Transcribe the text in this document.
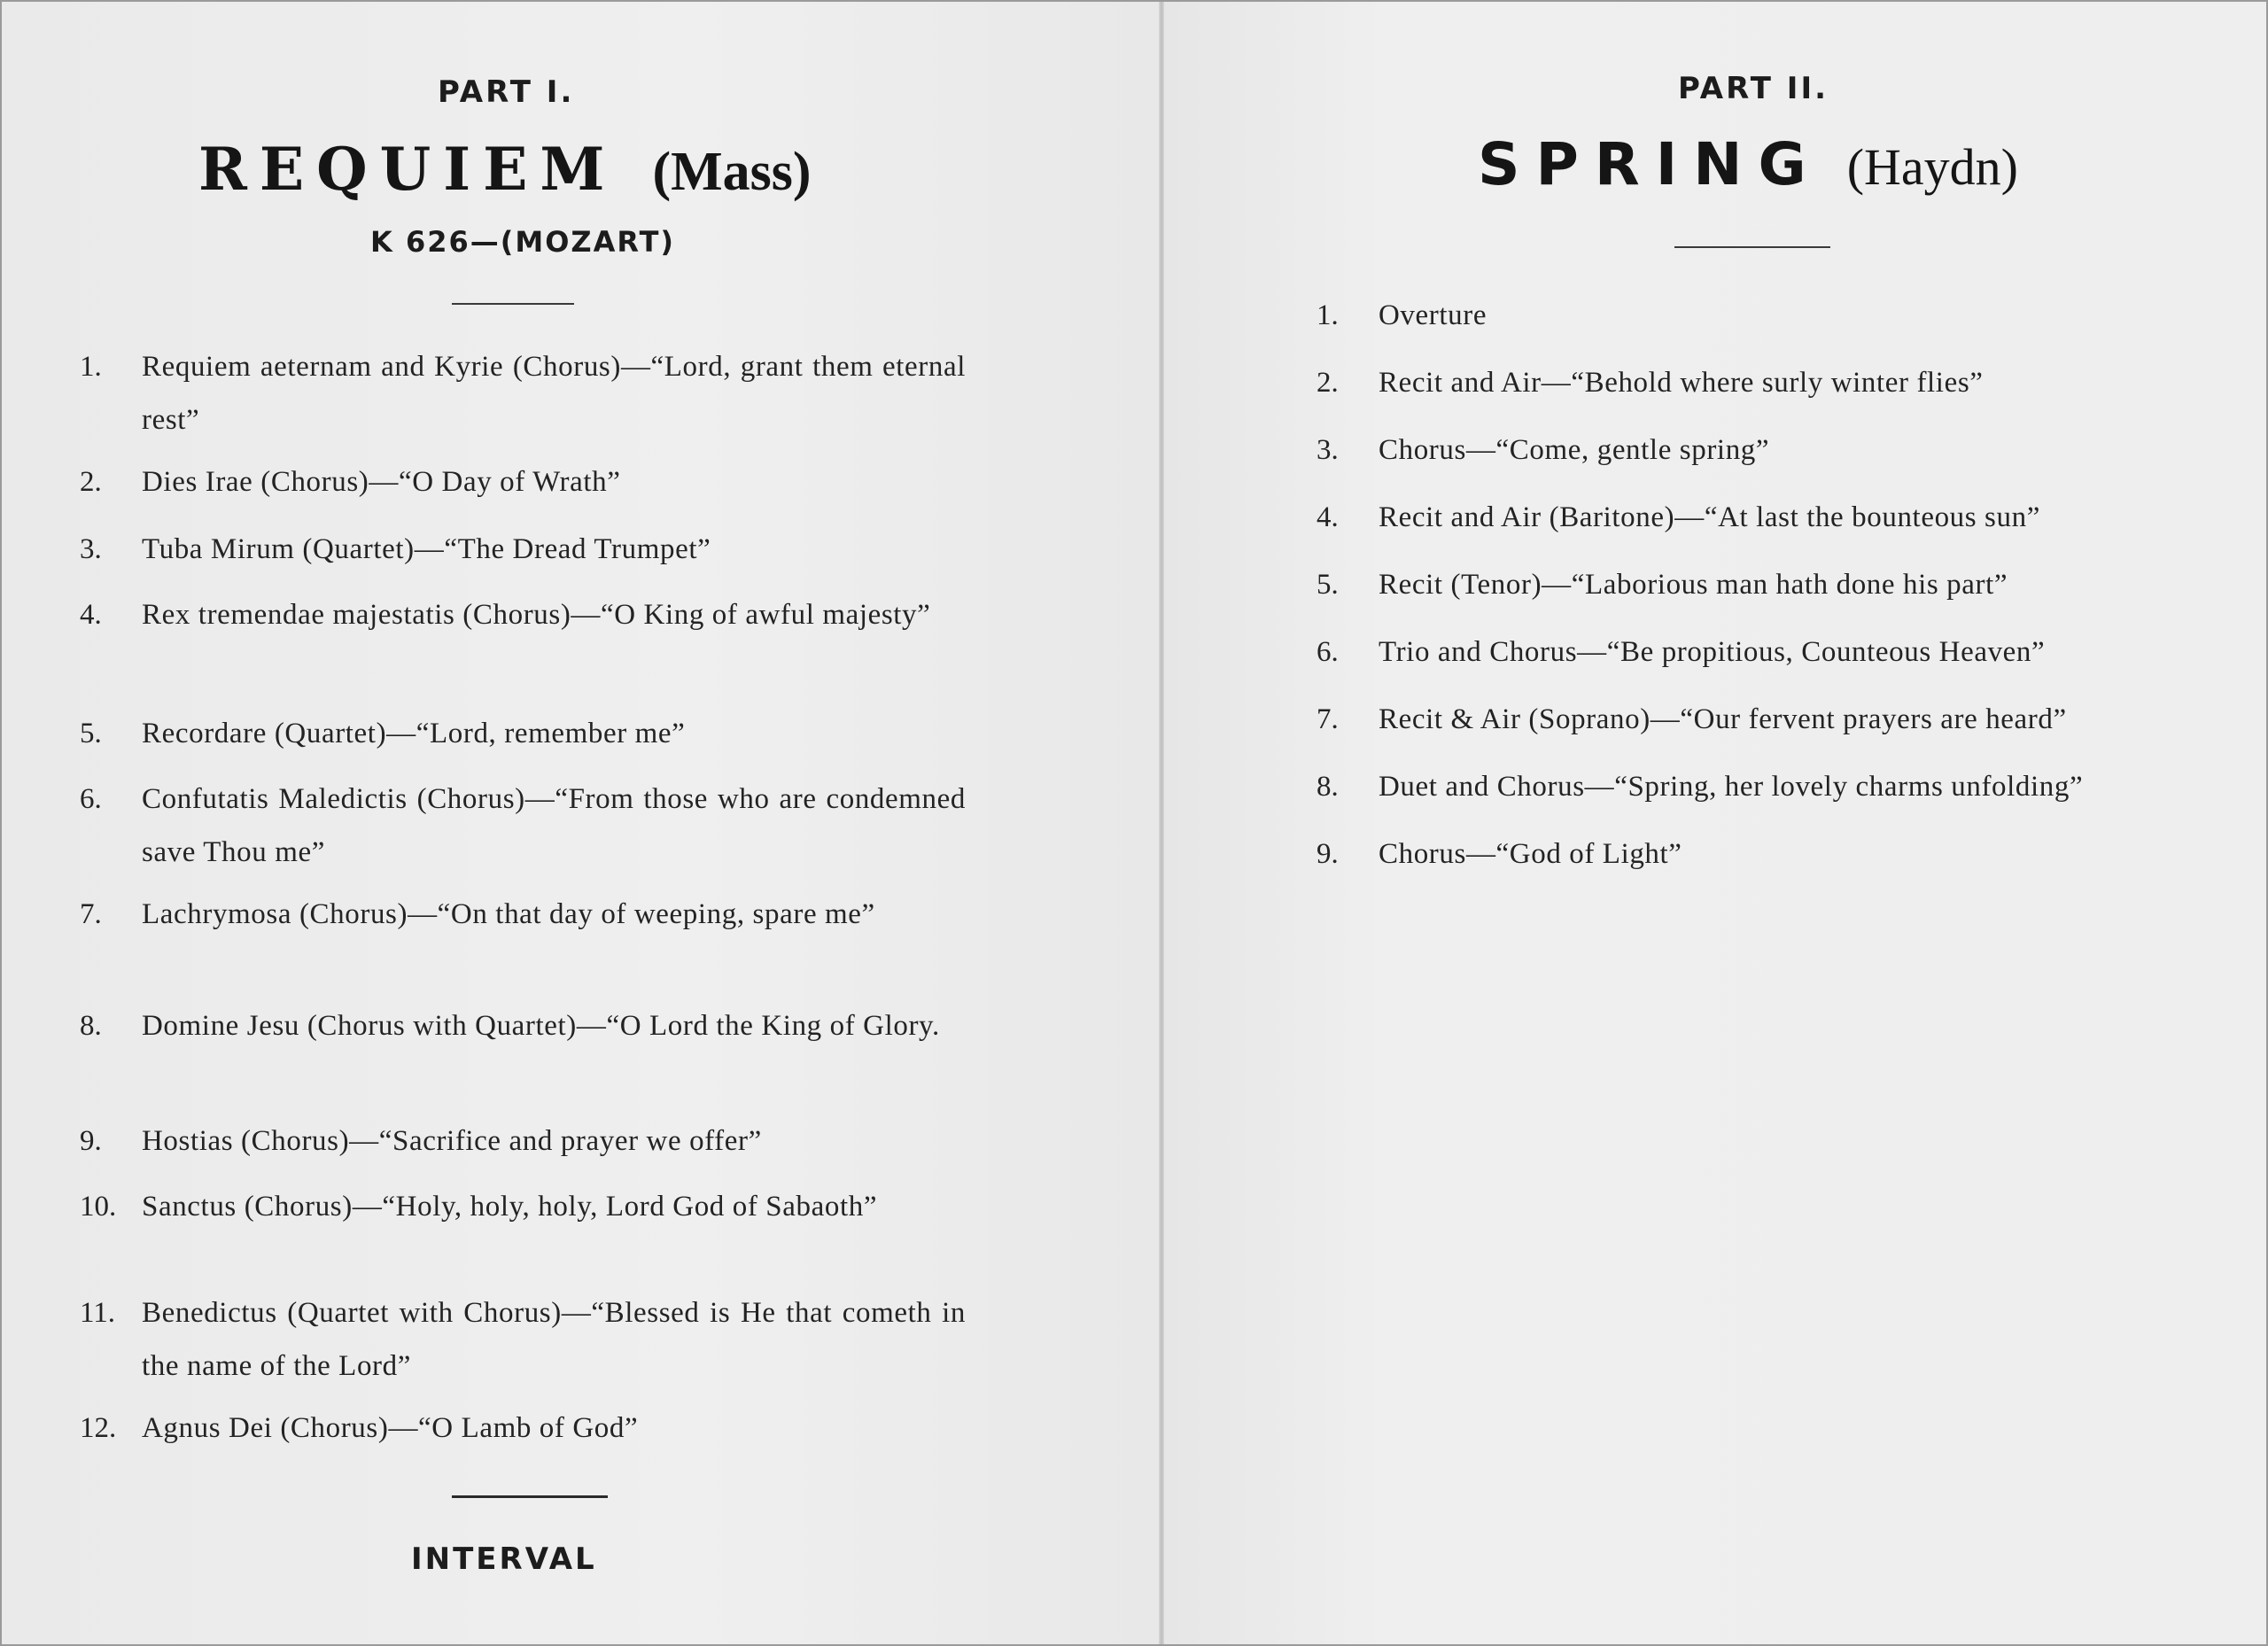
PART I.
REQUIEM (Mass)
K 626—(MOZART)
1.	Requiem aeternam and Kyrie (Chorus)—“Lord, grant them eternal rest”
2.	Dies Irae (Chorus)—“O Day of Wrath”
3.	Tuba Mirum (Quartet)—“The Dread Trumpet”
4.	Rex tremendae majestatis (Chorus)—“O King of awful majesty”
5.	Recordare (Quartet)—“Lord, remember me”
6.	Confutatis Maledictis (Chorus)—“From those who are condemned save Thou me”
7.	Lachrymosa (Chorus)—“On that day of weeping, spare me”
8.	Domine Jesu (Chorus with Quartet)—“O Lord the King of Glory.
9.	Hostias (Chorus)—“Sacrifice and prayer we offer”
10. Sanctus (Chorus)—“Holy, holy, holy, Lord God of Sabaoth”
11. Benedictus (Quartet with Chorus)—“Blessed is He that cometh in the name of the Lord”
12. Agnus Dei (Chorus)—“O Lamb of God”
INTERVAL
PART II.
SPRING (Haydn)
1.	Overture
2.	Recit and Air—“Behold where surly winter flies”
3.	Chorus—“Come, gentle spring”
4.	Recit and Air (Baritone)—“At last the bounteous sun”
5.	Recit (Tenor)—“Laborious man hath done his part”
6.	Trio and Chorus—“Be propitious, Counteous Heaven”
7.	Recit & Air (Soprano)—“Our fervent prayers are heard”
8.	Duet and Chorus—“Spring, her lovely charms unfolding”
9.	Chorus—“God of Light”
